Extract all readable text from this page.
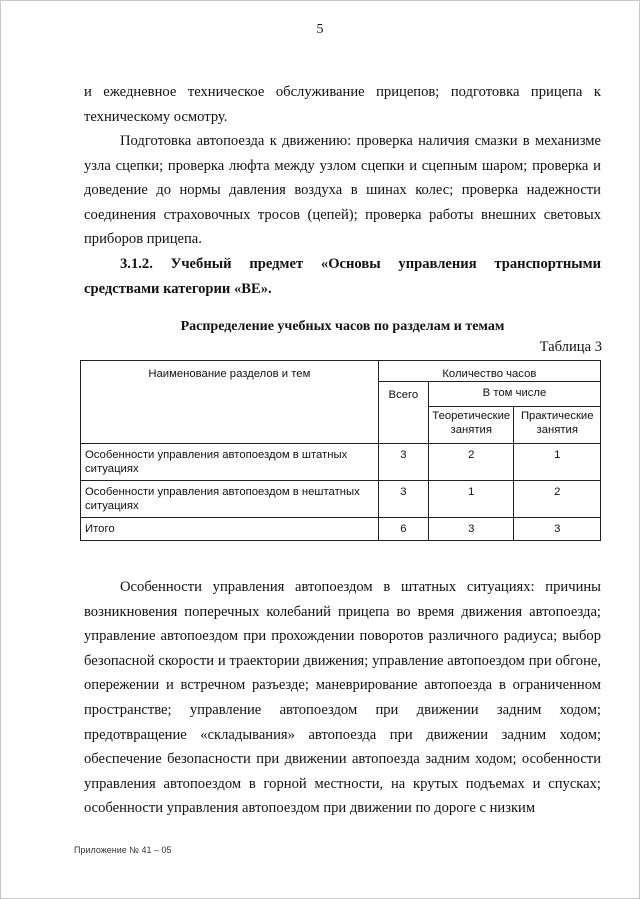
5
и ежедневное техническое обслуживание прицепов; подготовка прицепа к техническому осмотру.
Подготовка автопоезда к движению: проверка наличия смазки в механизме узла сцепки; проверка люфта между узлом сцепки и сцепным шаром; проверка и доведение до нормы давления воздуха в шинах колес; проверка надежности соединения страховочных тросов (цепей); проверка работы внешних световых приборов прицепа.
3.1.2. Учебный предмет «Основы управления транспортными средствами категории «ВЕ».
Распределение учебных часов по разделам и темам
Таблица 3
Наименование разделов и тем	Количество часов		
	Всего	В том числе	
		Теоретические занятия	Практические занятия
Особенности управления автопоездом в штатных ситуациях	3	2	1
Особенности управления автопоездом в нештатных ситуациях	3	1	2
Итого	6	3	3
Особенности управления автопоездом в штатных ситуациях: причины возникновения поперечных колебаний прицепа во время движения автопоезда; управление автопоездом при прохождении поворотов различного радиуса; выбор безопасной скорости и траектории движения; управление автопоездом при обгоне, опережении и встречном разъезде; маневрирование автопоезда в ограниченном пространстве; управление автопоездом при движении задним ходом; предотвращение «складывания» автопоезда при движении задним ходом; обеспечение безопасности при движении автопоезда задним ходом; особенности управления автопоездом в горной местности, на крутых подъемах и спусках; особенности управления автопоездом при движении по дороге с низким
Приложение № 41 – 05
